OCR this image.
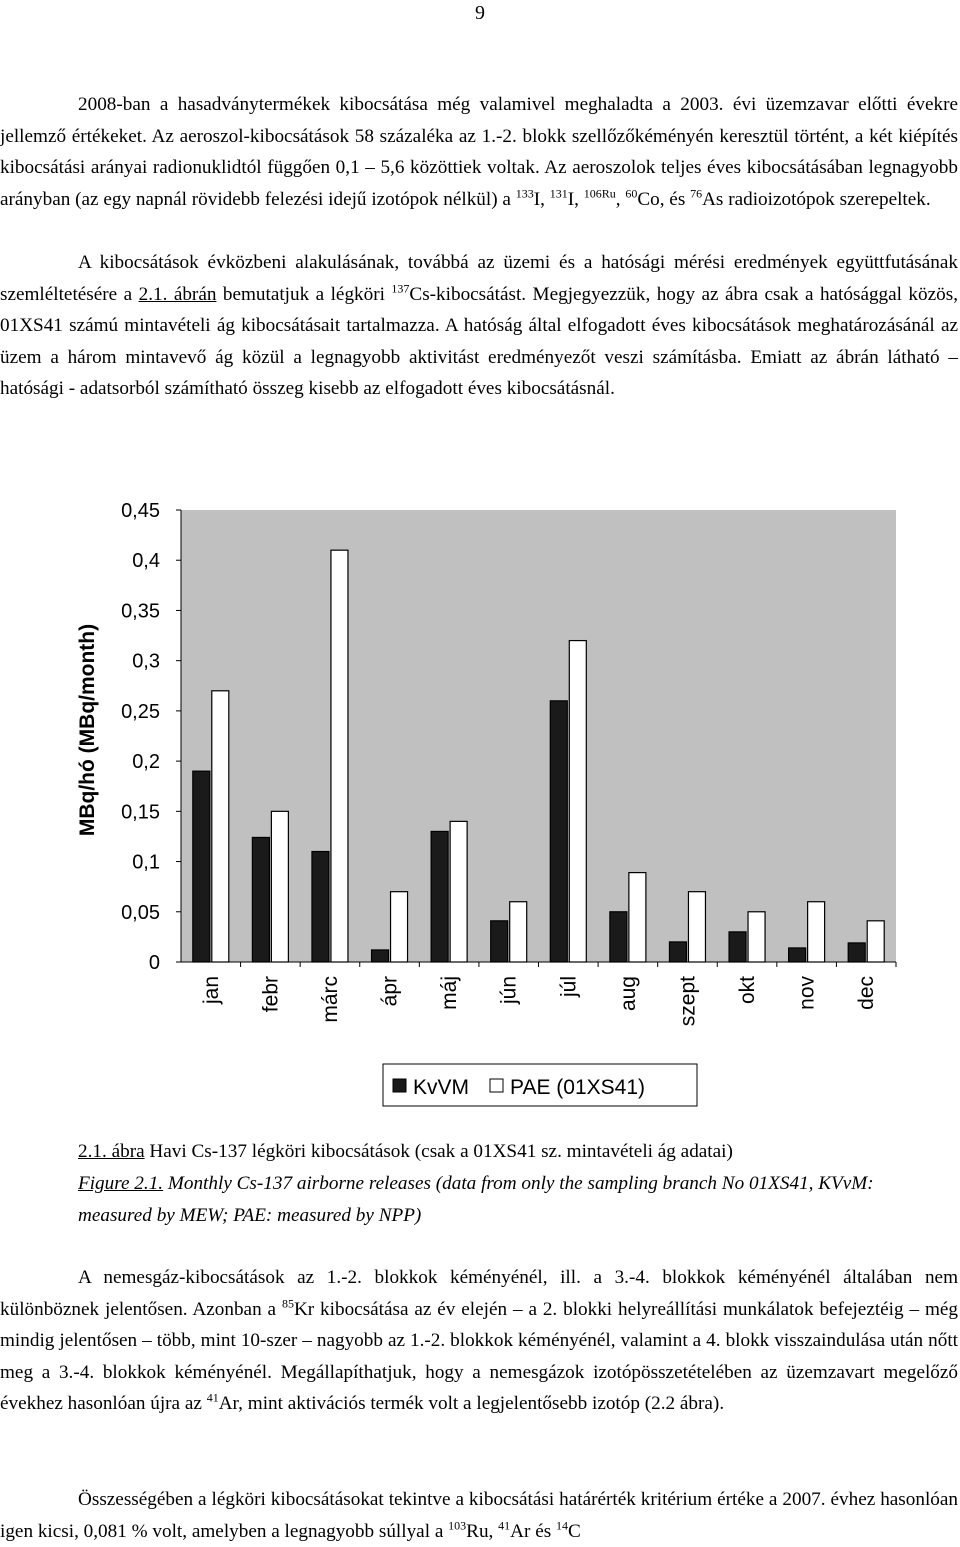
9

2008-ban a hasadványtermékek kibocsátása még valamivel meghaladta a 2003. évi üzemzavar előtti évekre jellemző értékeket. Az aeroszol-kibocsátások 58 százaléka az 1.-2. blokk szellőzőkéményén keresztül történt, a két kiépítés kibocsátási arányai radionuklidtól függően 0,1 – 5,6 közöttiek voltak. Az aeroszolok teljes éves kibocsátásában legnagyobb arányban (az egy napnál rövidebb felezési idejű izotópok nélkül) a $^{133}$I, $^{131}$I, $^{106Ru}$, $^{60}$Co, és $^{76}$As radioizotópok szerepeltek.

A kibocsátások évközbeni alakulásának, továbbá az üzemi és a hatósági mérési eredmények együttfutásának szemléltetésére a 2.1. ábrán bemutatjuk a légköri $^{137}$Cs-kibocsátást. Megjegyezzük, hogy az ábra csak a hatósággal közös, 01XS41 számú mintavételi ág kibocsátásait tartalmazza. A hatóság által elfogadott éves kibocsátások meghatározásánál az üzem a három mintavevő ág közül a legnagyobb aktivitást eredményezőt veszi számításba. Emiatt az ábrán látható – hatósági - adatsorból számítható összeg kisebb az elfogadott éves kibocsátásnál.

0
0,05
0,1
0,15
0,2
0,25
0,3
0,35
0,4
0,45
MBq/hó (MBq/month)
jan febr márc ápr máj jún júl aug szept okt nov dec
KvVM PAE (01XS41)

2.1. ábra Havi Cs-137 légköri kibocsátások (csak a 01XS41 sz. mintavételi ág adatai)

Figure 2.1. Monthly Cs-137 airborne releases (data from only the sampling branch No 01XS41, KVvM: measured by MEW; PAE: measured by NPP)

A nemesgáz-kibocsátások az 1.-2. blokkok kéményénél, ill. a 3.-4. blokkok kéményénél általában nem különböznek jelentősen. Azonban a $^{85}$Kr kibocsátása az év elején – a 2. blokki helyreállítási munkálatok befejeztéig – még mindig jelentősen – több, mint 10-szer – nagyobb az 1.-2. blokkok kéményénél, valamint a 4. blokk visszaindulása után nőtt meg a 3.-4. blokkok kéményénél. Megállapíthatjuk, hogy a nemesgázok izotópösszetételében az üzemzavart megelőző évekhez hasonlóan újra az $^{41}$Ar, mint aktivációs termék volt a legjelentősebb izotóp (2.2 ábra).

Összességében a légköri kibocsátásokat tekintve a kibocsátási határérték kritérium értéke a 2007. évhez hasonlóan igen kicsi, 0,081 % volt, amelyben a legnagyobb súllyal a $^{103}$Ru, $^{41}$Ar és $^{14}$C
